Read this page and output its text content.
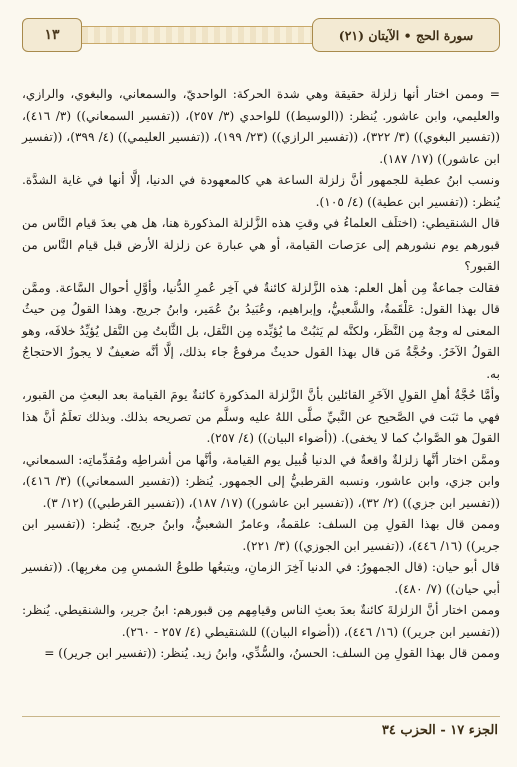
١٣	سورة الحج • الآيتان (٢١)

= وممن اختار أنها زلزلة حقيقة وهي شدة الحركة: الواحديّ، والسمعاني، والبغوي، والرازي، والعليمي، وابن عاشور. يُنظر: ((الوسيط)) للواحدي (٣/ ٢٥٧)، ((تفسير السمعاني)) (٣/ ٤١٦)، ((تفسير البغوي)) (٣/ ٣٢٢)، ((تفسير الرازي)) (٢٣/ ١٩٩)، ((تفسير العليمي)) (٤/ ٣٩٩)، ((تفسير ابن عاشور)) (١٧/ ١٨٧).

ونسب ابنُ عطية للجمهور أنَّ زلزلة الساعة هي كالمعهودة في الدنيا، إلَّا أنها في غاية الشدَّة. يُنظر: ((تفسير ابن عطية)) (٤/ ١٠٥).

قال الشنقيطي: (اختلَف العلماءُ في وقتِ هذه الزَّلزلة المذكورة هنا، هل هي بعدَ قيام النَّاس من قبورهم يوم نشورهم إلى عرَصات القيامة، أو هي عبارة عن زلزلة الأرض قبل قيام النَّاس من القبور؟

فقالت جماعةٌ مِن أهل العلم: هذه الزَّلزلة كائنةٌ في آخِر عُمرِ الدُّنيا، وأوَّلِ أحوال السَّاعة. وممَّن قال بهذا القول: عَلْقَمةُ، والشَّعبيُّ، وإبراهيم، وعُبَيدُ بنُ عُمَير، وابنُ جريج. وهذا القولُ مِن حيثُ المعنى له وجهٌ مِن النَّظَر، ولكنَّه لم يَثبُتْ ما يُؤيِّده مِن النَّقل، بل الثَّابتُ مِن النَّقل يُؤيِّدُ خلافَه، وهو القولُ الآخَرُ. وحُجَّةُ مَن قال بهذا القول حديثٌ مرفوعٌ جاء بذلك، إلَّا أنَّه ضعيفٌ لا يجوزُ الاحتجاجُ به.

وأمَّا حُجَّةُ أهلِ القولِ الآخَرِ القائلين بأنَّ الزَّلزلة المذكورة كائنةٌ يومَ القيامة بعد البعثِ من القبور، فهي ما ثبَت في الصَّحيح عن النَّبيِّ صلَّى اللهُ عليه وسلَّم من تصريحه بذلك. وبذلك تعلَمُ أنَّ هذا القولَ هو الصَّوابُ كما لا يخفى). ((أضواء البيان)) (٤/ ٢٥٧).

وممَّن اختار أنَّها زلزلةٌ واقعةٌ في الدنيا قُبيل يوم القيامة، وأنَّها من أشراطِه ومُقدِّماتِه: السمعاني، وابن جزي، وابن عاشور، ونسبه القرطبيُّ إلى الجمهور. يُنظر: ((تفسير السمعاني)) (٣/ ٤١٦)، ((تفسير ابن جزي)) (٢/ ٣٢)، ((تفسير ابن عاشور)) (١٧/ ١٨٧)، ((تفسير القرطبي)) (١٢/ ٣).

وممن قال بهذا القولِ مِن السلف: علقمةُ، وعامرٌ الشعبيُّ، وابنُ جريج. يُنظر: ((تفسير ابن جرير)) (١٦/ ٤٤٦)، ((تفسير ابن الجوزي)) (٣/ ٢٢١).

قال أبو حيان: (قال الجمهورُ: في الدنيا آخِرَ الزمانِ، ويتبعُها طلوعُ الشمسِ مِن مغربِها). ((تفسير أبي حيان)) (٧/ ٤٨٠).

وممن اختار أنَّ الزلزلةَ كائنةٌ بعدَ بعثِ الناس وقيامِهم مِن قبورهم: ابنُ جرير، والشنقيطي. يُنظر: ((تفسير ابن جرير)) (١٦/ ٤٤٦)، ((أضواء البيان)) للشنقيطي (٤/ ٢٥٧ - ٢٦٠).

وممن قال بهذا القولِ مِن السلف: الحسنُ، والسُّدِّي، وابنُ زيد. يُنظر: ((تفسير ابن جرير)) =

الجزء ١٧ - الحزب ٣٤
